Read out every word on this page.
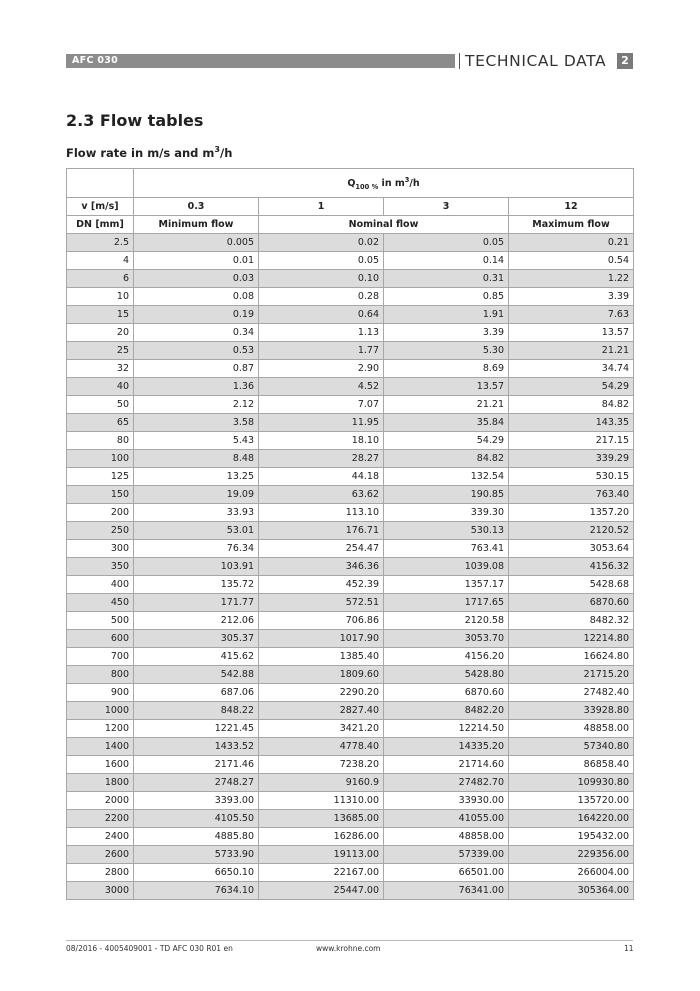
AFC 030	TECHNICAL DATA	2
2.3 Flow tables
Flow rate in m/s and $m^3/h$
	$Q_{100 \%}$ in $m^3/h$			
v [m/s]	0.3	1	3	12
DN [mm]	Minimum flow	Nominal flow		Maximum flow
2.5	0.005	0.02	0.05	0.21
4	0.01	0.05	0.14	0.54
6	0.03	0.10	0.31	1.22
10	0.08	0.28	0.85	3.39
15	0.19	0.64	1.91	7.63
20	0.34	1.13	3.39	13.57
25	0.53	1.77	5.30	21.21
32	0.87	2.90	8.69	34.74
40	1.36	4.52	13.57	54.29
50	2.12	7.07	21.21	84.82
65	3.58	11.95	35.84	143.35
80	5.43	18.10	54.29	217.15
100	8.48	28.27	84.82	339.29
125	13.25	44.18	132.54	530.15
150	19.09	63.62	190.85	763.40
200	33.93	113.10	339.30	1357.20
250	53.01	176.71	530.13	2120.52
300	76.34	254.47	763.41	3053.64
350	103.91	346.36	1039.08	4156.32
400	135.72	452.39	1357.17	5428.68
450	171.77	572.51	1717.65	6870.60
500	212.06	706.86	2120.58	8482.32
600	305.37	1017.90	3053.70	12214.80
700	415.62	1385.40	4156.20	16624.80
800	542.88	1809.60	5428.80	21715.20
900	687.06	2290.20	6870.60	27482.40
1000	848.22	2827.40	8482.20	33928.80
1200	1221.45	3421.20	12214.50	48858.00
1400	1433.52	4778.40	14335.20	57340.80
1600	2171.46	7238.20	21714.60	86858.40
1800	2748.27	9160.9	27482.70	109930.80
2000	3393.00	11310.00	33930.00	135720.00
2200	4105.50	13685.00	41055.00	164220.00
2400	4885.80	16286.00	48858.00	195432.00
2600	5733.90	19113.00	57339.00	229356.00
2800	6650.10	22167.00	66501.00	266004.00
3000	7634.10	25447.00	76341.00	305364.00
08/2016 - 4005409001 - TD AFC 030 R01 en	www.krohne.com	11
